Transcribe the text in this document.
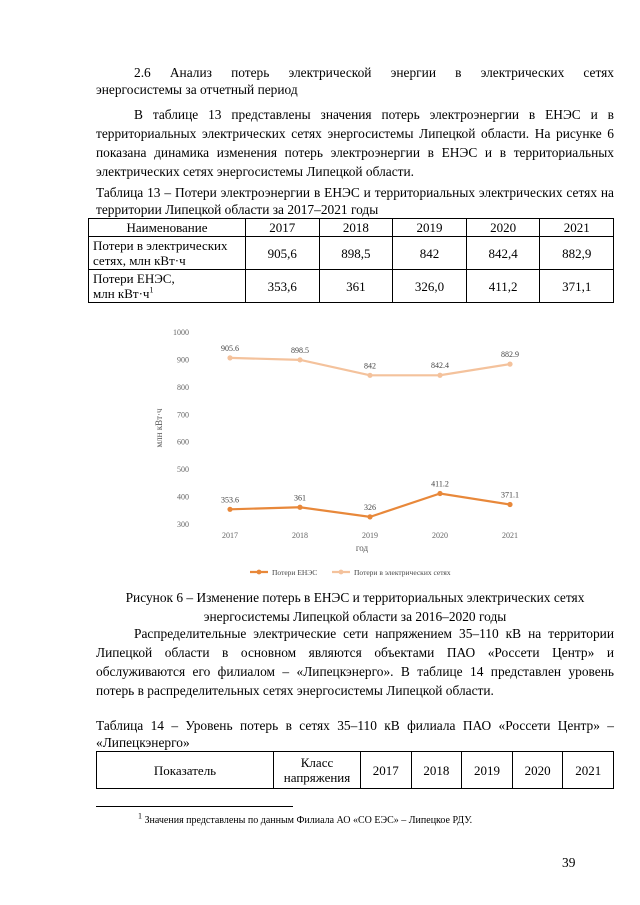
2.6 Анализ потерь электрической энергии в электрических сетях
энергосистемы за отчетный период
В таблице 13 представлены значения потерь электроэнергии в ЕНЭС и в территориальных электрических сетях энергосистемы Липецкой области. На рисунке 6 показана динамика изменения потерь электроэнергии в ЕНЭС и в территориальных электрических сетях энергосистемы Липецкой области.
Таблица 13 – Потери электроэнергии в ЕНЭС и территориальных электрических сетях на территории Липецкой области за 2017–2021 годы
Наименование	2017	2018	2019	2020	2021

Потери в электрических
сетях, млн кВт·ч	905,6	898,5	842	842,4	882,9

Потери ЕНЭС,
млн $кВт\cdot ч^1$	353,6	361	326,0	411,2	371,1
300
400
500
600
700
800
900
1000
2017	2018	2019	2020	2021
год
млн кВт·ч
353.6	361
326
411.2
371.1
905.6	898.5
842	842.4
882.9
Потери ЕНЭС	Потери в электрических сетях
Рисунок 6 – Изменение потерь в ЕНЭС и территориальных электрических сетях
энергосистемы Липецкой области за 2016–2020 годы
Распределительные электрические сети напряжением 35–110 кВ на территории Липецкой области в основном являются объектами ПАО «Россети Центр» и обслуживаются его филиалом – «Липецкэнерго». В таблице 14 представлен уровень потерь в распределительных сетях энергосистемы Липецкой области.
Таблица 14 – Уровень потерь в сетях 35–110 кВ филиала ПАО «Россети Центр» – «Липецкэнерго»
Показатель	Класс напряжения	2017	2018	2019	2020	2021
$^1$ Значения представлены по данным Филиала АО «СО ЕЭС» – Липецкое РДУ.
39
